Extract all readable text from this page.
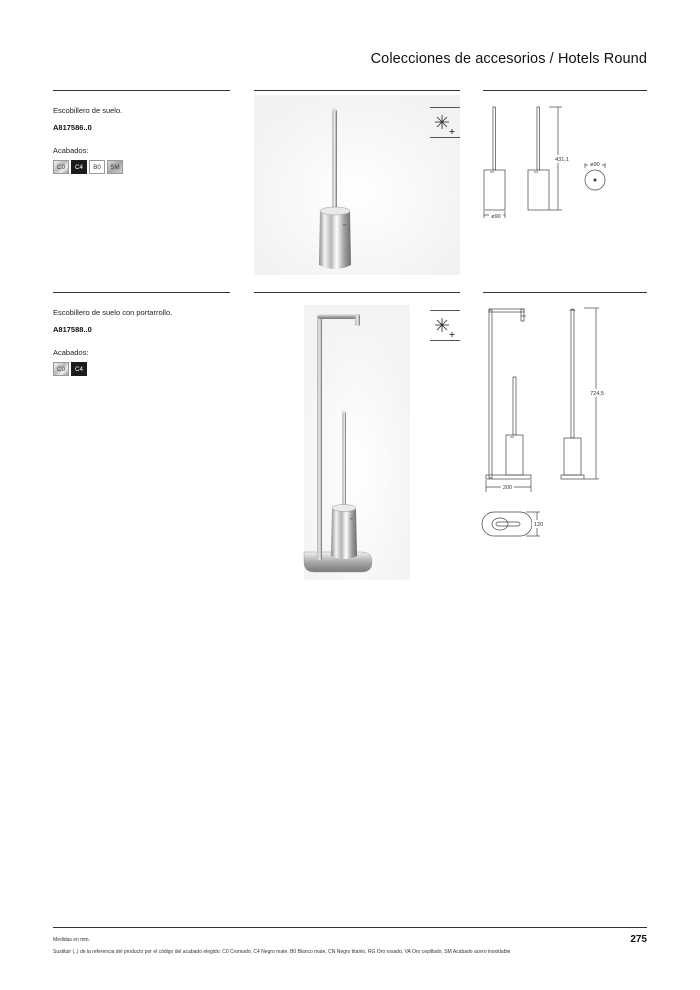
Colecciones de accesorios / Hotels Round
Escobillero de suelo.
A817586..0
Acabados:
C0	C4	B0	SM
ø90
431,1
ø90
Escobillero de suelo con portarrollo.
A817588..0
Acabados:
C0	C4
724,5
200
120
Medidas en mm.
Sustituir (..) de la referencia del producto por el código del acabado elegido: C0 Cromado, C4 Negro mate, B0 Blanco mate, CN Negro titanio, RG Oro rosado, VA Oro cepillado, SM Acabado acero inoxidable
275
